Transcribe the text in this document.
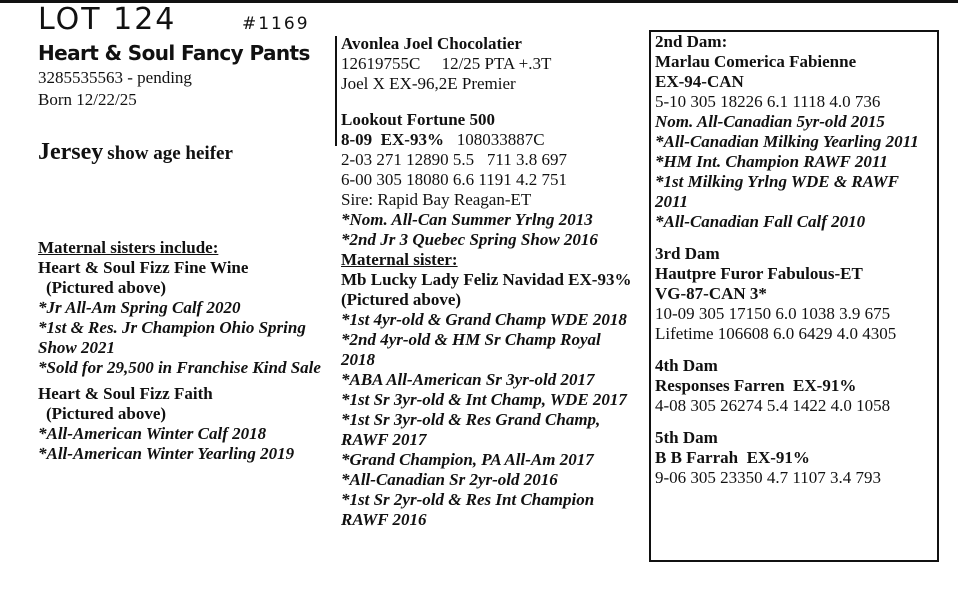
LOT 124	#1169
Heart & Soul Fancy Pants
3285535563 - pending
Born 12/22/25
Jersey show age heifer
Maternal sisters include:
Heart & Soul Fizz Fine Wine
(Pictured above)
*Jr All-Am Spring Calf 2020
*1st & Res. Jr Champion Ohio Spring
Show 2021
*Sold for 29,500 in Franchise Kind Sale
Heart & Soul Fizz Faith
(Pictured above)
*All-American Winter Calf 2018
*All-American Winter Yearling 2019
Avonlea Joel Chocolatier
12619755C     12/25 PTA +.3T
Joel X EX-96,2E Premier
Lookout Fortune 500
8-09  EX-93% 108033887C
2-03 271 12890 5.5   711 3.8 697
6-00 305 18080 6.6 1191 4.2 751
Sire: Rapid Bay Reagan-ET
*Nom. All-Can Summer Yrlng 2013
*2nd Jr 3 Quebec Spring Show 2016
Maternal sister:
Mb Lucky Lady Feliz Navidad EX-93%
(Pictured above)
*1st 4yr-old & Grand Champ WDE 2018
*2nd 4yr-old & HM Sr Champ Royal
2018
*ABA All-American Sr 3yr-old 2017
*1st Sr 3yr-old & Int Champ, WDE 2017
*1st Sr 3yr-old & Res Grand Champ,
RAWF 2017
*Grand Champion, PA All-Am 2017
*All-Canadian Sr 2yr-old 2016
*1st Sr 2yr-old & Res Int Champion
RAWF 2016
2nd Dam:
Marlau Comerica Fabienne
EX-94-CAN
5-10 305 18226 6.1 1118 4.0 736
Nom. All-Canadian 5yr-old 2015
*All-Canadian Milking Yearling 2011
*HM Int. Champion RAWF 2011
*1st Milking Yrlng WDE & RAWF
2011
*All-Canadian Fall Calf 2010
3rd Dam
Hautpre Furor Fabulous-ET
VG-87-CAN 3*
10-09 305 17150 6.0 1038 3.9 675
Lifetime 106608 6.0 6429 4.0 4305
4th Dam
Responses Farren  EX-91%
4-08 305 26274 5.4 1422 4.0 1058
5th Dam
B B Farrah  EX-91%
9-06 305 23350 4.7 1107 3.4 793
